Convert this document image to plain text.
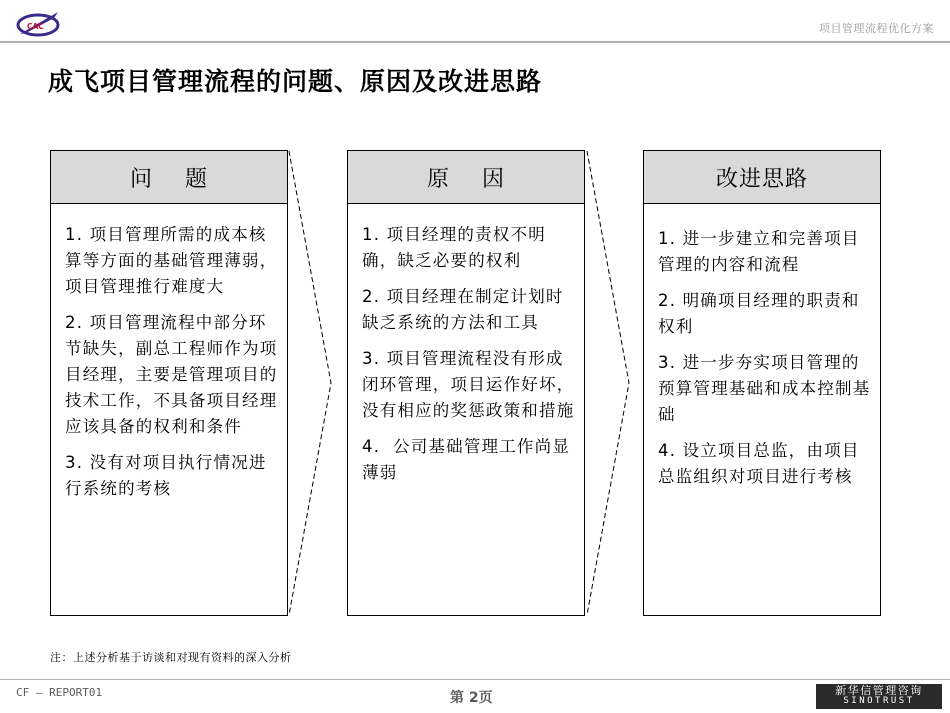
CAC	项目管理流程优化方案
成飞项目管理流程的问题、原因及改进思路
问    题
1. 项目管理所需的成本核算等方面的基础管理薄弱，项目管理推行难度大
2. 项目管理流程中部分环节缺失，副总工程师作为项目经理，主要是管理项目的技术工作，不具备项目经理应该具备的权利和条件
3. 没有对项目执行情况进行系统的考核
原    因
1. 项目经理的责权不明确，缺乏必要的权利
2. 项目经理在制定计划时缺乏系统的方法和工具
3. 项目管理流程没有形成闭环管理，项目运作好坏，没有相应的奖惩政策和措施
4.  公司基础管理工作尚显薄弱
改进思路
1. 进一步建立和完善项目管理的内容和流程
2. 明确项目经理的职责和权利
3. 进一步夯实项目管理的预算管理基础和成本控制基础
4. 设立项目总监，由项目总监组织对项目进行考核
注：上述分析基于访谈和对现有资料的深入分析
CF — REPORT01	第 2页	新华信管理咨询
SINOTRUST
